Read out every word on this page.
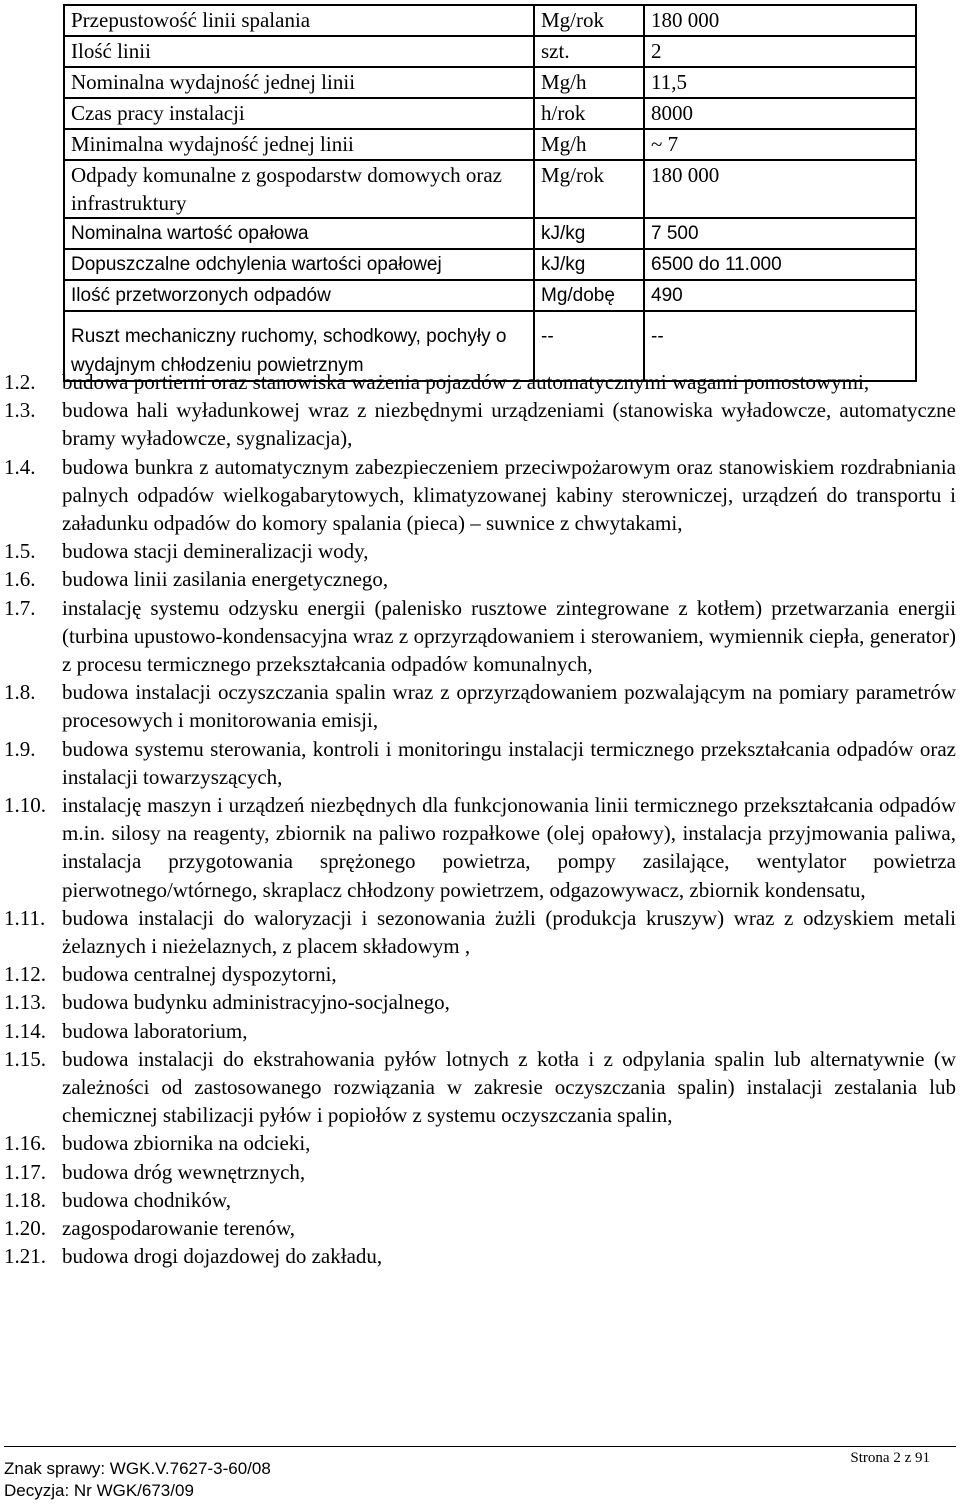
Przepustowość linii spalania	Mg/rok	180 000
Ilość linii	szt.	2
Nominalna wydajność jednej linii	Mg/h	11,5
Czas pracy instalacji	h/rok	8000
Minimalna wydajność jednej linii	Mg/h	~ 7
Odpady komunalne z gospodarstw domowych oraz infrastruktury	Mg/rok	180 000
Nominalna wartość opałowa	kJ/kg	7 500
Dopuszczalne odchylenia wartości opałowej	kJ/kg	6500 do 11.000
Ilość przetworzonych odpadów	Mg/dobę	490
Ruszt mechaniczny ruchomy, schodkowy, pochyły o wydajnym chłodzeniu powietrznym	--	--
1.2.	budowa portierni oraz stanowiska ważenia pojazdów z automatycznymi wagami pomostowymi,
1.3.	budowa hali wyładunkowej wraz z niezbędnymi urządzeniami (stanowiska wyładowcze, automatyczne bramy wyładowcze, sygnalizacja),
1.4.	budowa bunkra z automatycznym zabezpieczeniem przeciwpożarowym oraz stanowiskiem rozdrabniania palnych odpadów wielkogabarytowych, klimatyzowanej kabiny sterowniczej, urządzeń do transportu i załadunku odpadów do komory spalania (pieca) – suwnice z chwytakami,
1.5.	budowa stacji demineralizacji wody,
1.6.	budowa linii zasilania energetycznego,
1.7.	instalację systemu odzysku energii (palenisko rusztowe zintegrowane z kotłem) przetwarzania energii (turbina upustowo-kondensacyjna wraz z oprzyrządowaniem i sterowaniem, wymiennik ciepła, generator) z procesu termicznego przekształcania odpadów komunalnych,
1.8.	budowa instalacji oczyszczania spalin wraz z oprzyrządowaniem pozwalającym na pomiary parametrów procesowych i monitorowania emisji,
1.9.	budowa systemu sterowania, kontroli i monitoringu instalacji termicznego przekształcania odpadów oraz instalacji towarzyszących,
1.10. instalację maszyn i urządzeń niezbędnych dla funkcjonowania linii termicznego przekształcania odpadów m.in. silosy na reagenty, zbiornik na paliwo rozpałkowe (olej opałowy), instalacja przyjmowania paliwa, instalacja przygotowania sprężonego powietrza, pompy zasilające, wentylator powietrza pierwotnego/wtórnego, skraplacz chłodzony powietrzem, odgazowywacz, zbiornik kondensatu,
1.11. budowa instalacji do waloryzacji i sezonowania żużli (produkcja kruszyw) wraz z odzyskiem metali żelaznych i nieżelaznych, z placem składowym ,
1.12. budowa centralnej dyspozytorni,
1.13. budowa budynku administracyjno-socjalnego,
1.14. budowa laboratorium,
1.15. budowa instalacji do ekstrahowania pyłów lotnych z kotła i z odpylania spalin lub alternatywnie (w zależności od zastosowanego rozwiązania w zakresie oczyszczania spalin) instalacji zestalania lub chemicznej stabilizacji pyłów i popiołów z systemu oczyszczania spalin,
1.16. budowa zbiornika na odcieki,
1.17. budowa dróg wewnętrznych,
1.18. budowa chodników,
1.20. zagospodarowanie terenów,
1.21. budowa drogi dojazdowej do zakładu,
Strona 2 z 91
Znak sprawy: WGK.V.7627-3-60/08
Decyzja: Nr WGK/673/09
